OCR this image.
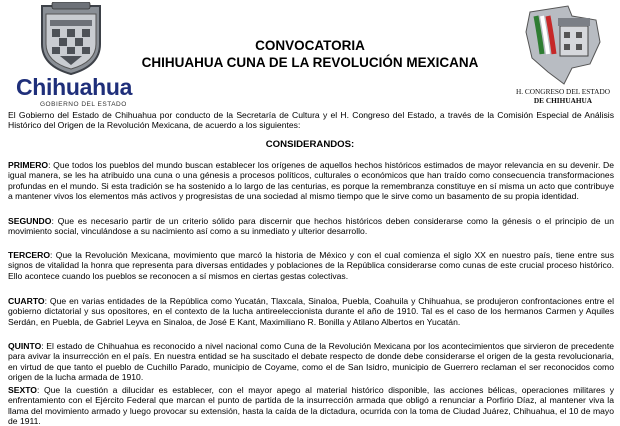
Chihuahua
GOBIERNO DEL ESTADO
CONVOCATORIA
CHIHUAHUA CUNA DE LA REVOLUCIÓN MEXICANA
H. CONGRESO DEL ESTADO
DE CHIHUAHUA
El Gobierno del Estado de Chihuahua por conducto de la Secretaría de Cultura y el H. Congreso del Estado, a través de la Comisión Especial de Análisis Histórico del Origen de la Revolución Mexicana, de acuerdo a los siguientes:
CONSIDERANDOS:
PRIMERO: Que todos los pueblos del mundo buscan establecer los orígenes de aquellos hechos históricos estimados de mayor relevancia en su devenir. De igual manera, se les ha atribuido una cuna o una génesis a procesos políticos, culturales o económicos que han traído como consecuencia transformaciones profundas en el mundo. Si esta tradición se ha sostenido a lo largo de las centurias, es porque la remembranza constituye en sí misma un acto que contribuye a mantener vivos los elementos más activos y progresistas de una sociedad al mismo tiempo que le sirve como un basamento de su propia identidad.
SEGUNDO: Que es necesario partir de un criterio sólido para discernir que hechos históricos deben considerarse como la génesis o el principio de un movimiento social, vinculándose a su nacimiento así como a su inmediato y ulterior desarrollo.
TERCERO: Que la Revolución Mexicana, movimiento que marcó la historia de México y con el cual comienza el siglo XX en nuestro país, tiene entre sus signos de vitalidad la honra que representa para diversas entidades y poblaciones de la República considerarse como cunas de este crucial proceso histórico. Ello acontece cuando los pueblos se reconocen a sí mismos en ciertas gestas colectivas.
CUARTO: Que en varias entidades de la República como Yucatán, Tlaxcala, Sinaloa, Puebla, Coahuila y Chihuahua, se produjeron confrontaciones entre el gobierno dictatorial y sus opositores, en el contexto de la lucha antireeleccionista durante el año de 1910. Tal es el caso de los hermanos Carmen y Aquiles Serdán, en Puebla, de Gabriel Leyva en Sinaloa, de José E Kant, Maximiliano R. Bonilla y Atilano Albertos en Yucatán.
QUINTO: El estado de Chihuahua es reconocido a nivel nacional como Cuna de la Revolución Mexicana por los acontecimientos que sirvieron de precedente para avivar la insurrección en el país. En nuestra entidad se ha suscitado el debate respecto de donde debe considerarse el origen de la gesta revolucionaria, en virtud de que tanto el pueblo de Cuchillo Parado, municipio de Coyame, como el de San Isidro, municipio de Guerrero reclaman el ser reconocidos como origen de la lucha armada de 1910.
SEXTO: Que la cuestión a dilucidar es establecer, con el mayor apego al material histórico disponible, las acciones bélicas, operaciones militares y enfrentamiento con el Ejército Federal que marcan el punto de partida de la insurrección armada que obligó a renunciar a Porfirio Díaz, al mantener viva la llama del movimiento armado y luego provocar su extensión, hasta la caída de la dictadura, ocurrida con la toma de Ciudad Juárez, Chihuahua, el 10 de mayo de 1911.
